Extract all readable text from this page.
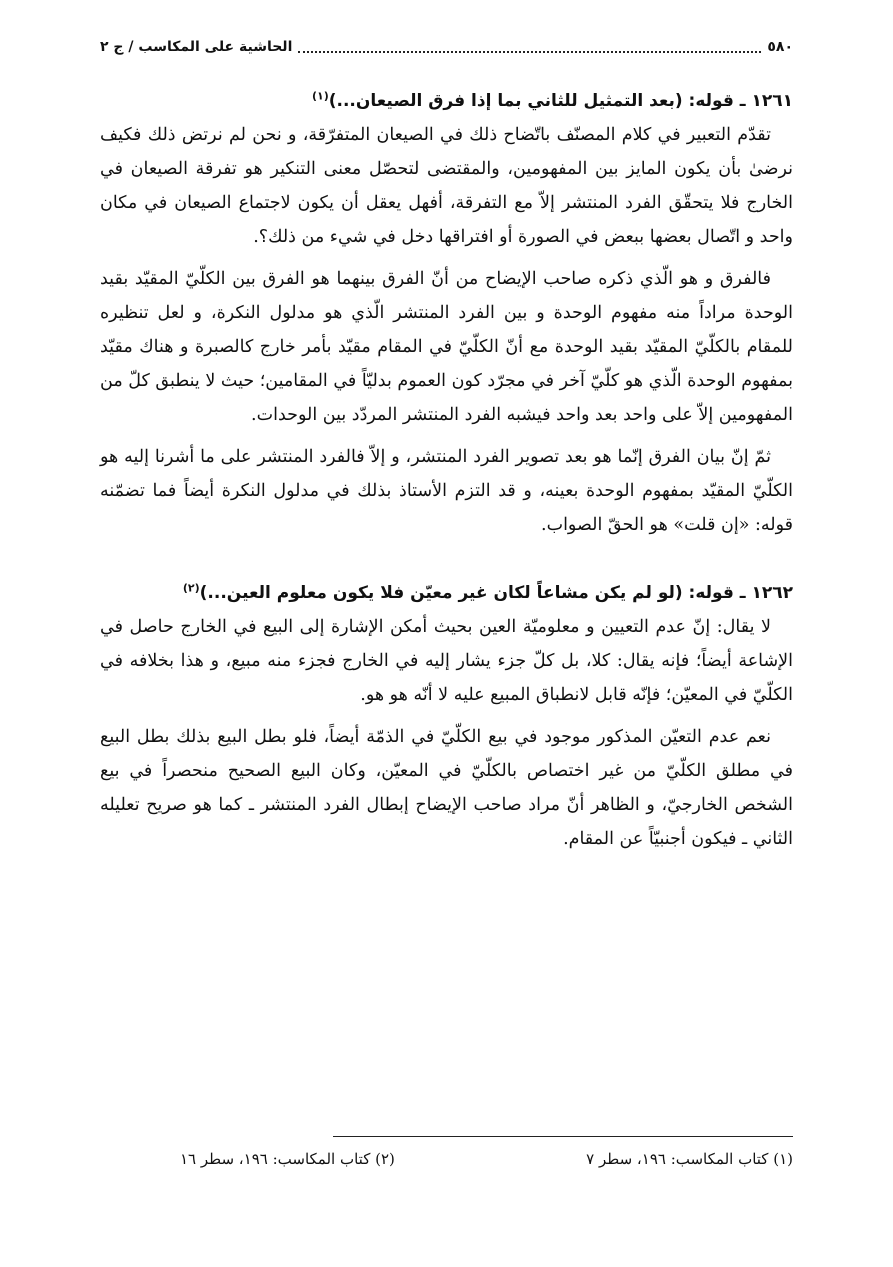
٥٨٠
الحاشية على المكاسب / ج ٢
١٢٦١ ـ قوله: (بعد التمثيل للثاني بما إذا فرق الصيعان...)$^{(١)}$

تقدّم التعبير في كلام المصنّف باتّضاح ذلك في الصيعان المتفرّقة، و نحن لم نرتض ذلك فكيف نرضىٰ بأن يكون المايز بين المفهومين، والمقتضى لتحصّل معنى التنكير هو تفرقة الصيعان في الخارج فلا يتحقّق الفرد المنتشر إلاّ مع التفرقة، أفهل يعقل أن يكون لاجتماع الصيعان في مكان واحد و اتّصال بعضها ببعض في الصورة أو افتراقها دخل في شيء من ذلك؟.

فالفرق و هو الّذي ذكره صاحب الإيضاح من أنّ الفرق بينهما هو الفرق بين الكلّيّ المقيّد بقيد الوحدة مراداً منه مفهوم الوحدة و بين الفرد المنتشر الّذي هو مدلول النكرة، و لعل تنظيره للمقام بالكلّيّ المقيّد بقيد الوحدة مع أنّ الكلّيّ في المقام مقيّد بأمر خارج كالصبرة و هناك مقيّد بمفهوم الوحدة الّذي هو كلّيّ آخر في مجرّد كون العموم بدليّاً في المقامين؛ حيث لا ينطبق كلّ من المفهومين إلاّ على واحد بعد واحد فيشبه الفرد المنتشر المردّد بين الوحدات.

ثمّ إنّ بيان الفرق إنّما هو بعد تصوير الفرد المنتشر، و إلاّ فالفرد المنتشر على ما أشرنا إليه هو الكلّيّ المقيّد بمفهوم الوحدة بعينه، و قد التزم الأستاذ بذلك في مدلول النكرة أيضاً فما تضمّنه قوله: «إن قلت» هو الحقّ الصواب.

١٢٦٢ ـ قوله: (لو لم يكن مشاعاً لكان غير معيّن فلا يكون معلوم العين...)$^{(٢)}$

لا يقال: إنّ عدم التعيين و معلوميّة العين بحيث أمكن الإشارة إلى البيع في الخارج حاصل في الإشاعة أيضاً؛ فإنه يقال: كلا، بل كلّ جزء يشار إليه في الخارج فجزء منه مبيع، و هذا بخلافه في الكلّيّ في المعيّن؛ فإنّه قابل لانطباق المبيع عليه لا أنّه هو هو.

نعم عدم التعيّن المذكور موجود في بيع الكلّيّ في الذمّة أيضاً، فلو بطل البيع بذلك بطل البيع في مطلق الكلّيّ من غير اختصاص بالكلّيّ في المعيّن، وكان البيع الصحيح منحصراً في بيع الشخص الخارجيّ، و الظاهر أنّ مراد صاحب الإيضاح إبطال الفرد المنتشر ـ كما هو صريح تعليله الثاني ـ فيكون أجنبيّاً عن المقام.

(١) كتاب المكاسب: ١٩٦، سطر ٧
(٢) كتاب المكاسب: ١٩٦، سطر ١٦
